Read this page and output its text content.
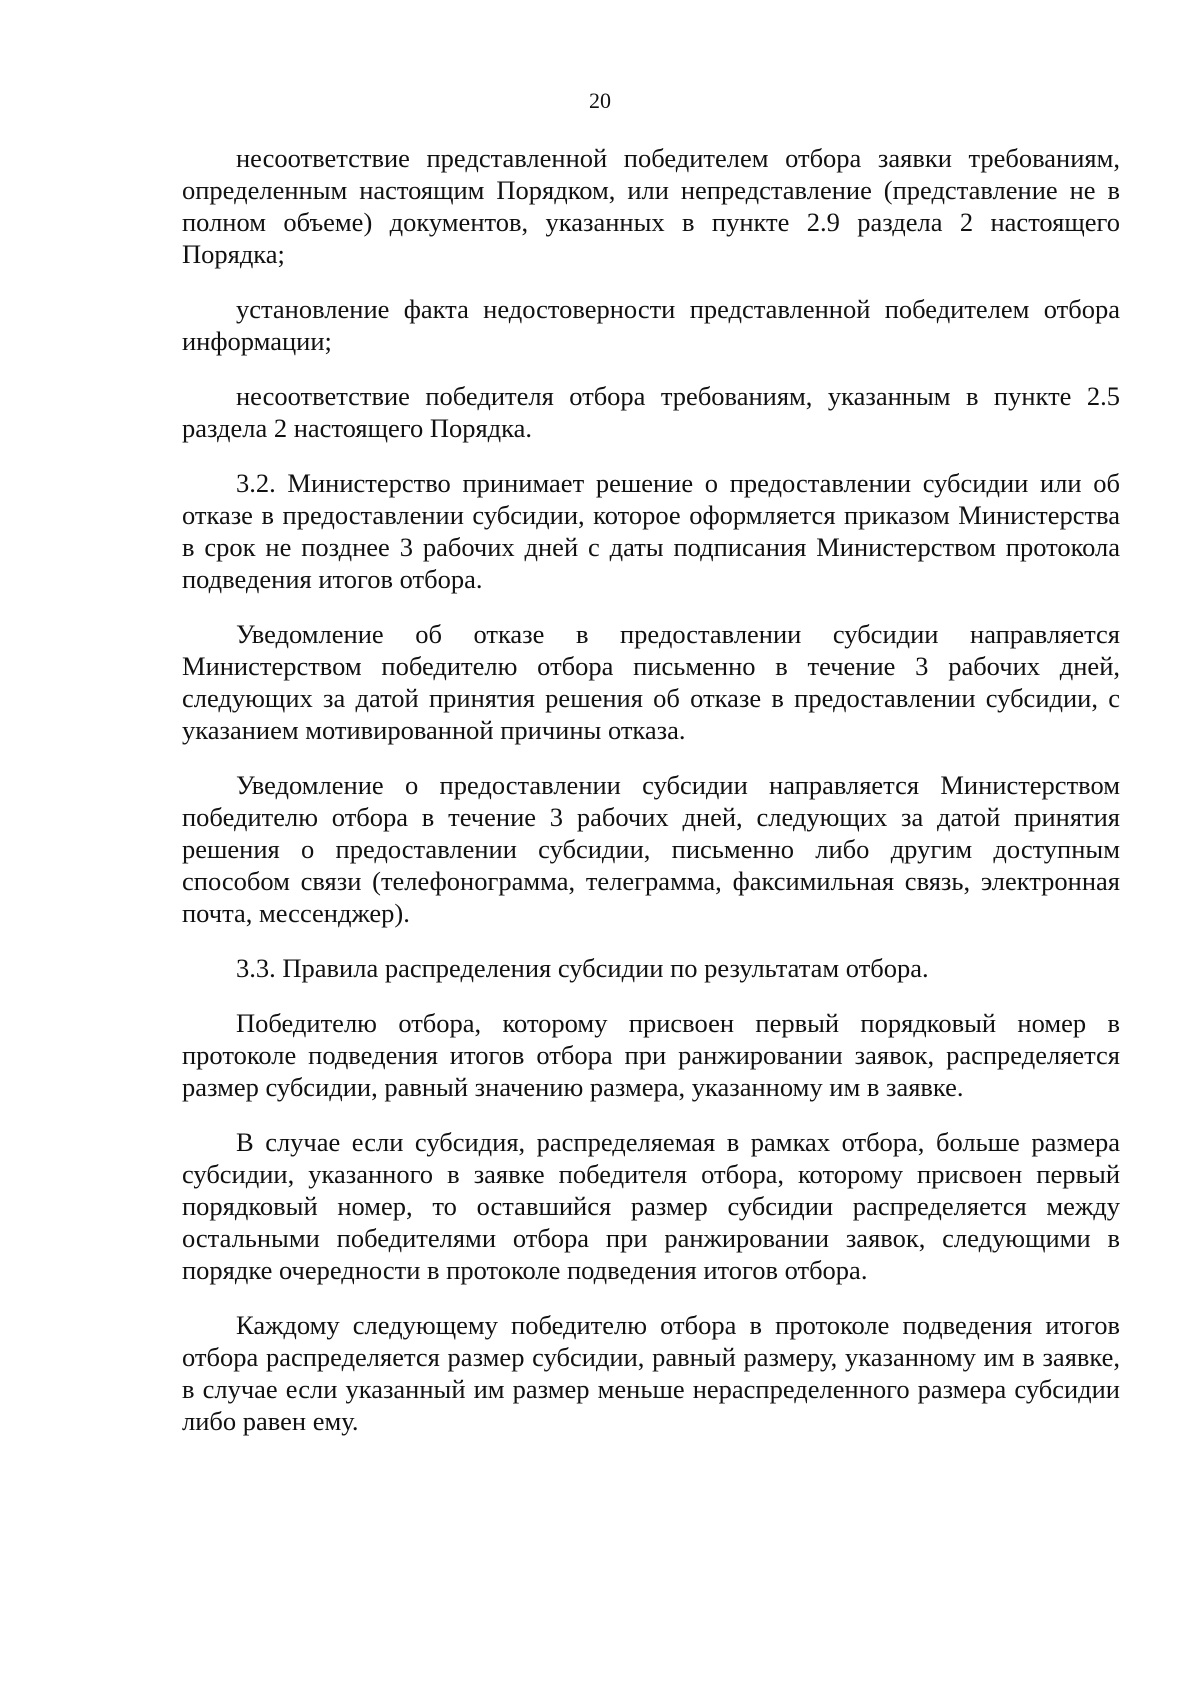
20

несоответствие представленной победителем отбора заявки требованиям, определенным настоящим Порядком, или непредставление (представление не в полном объеме) документов, указанных в пункте 2.9 раздела 2 настоящего Порядка;

установление факта недостоверности представленной победителем отбора информации;

несоответствие победителя отбора требованиям, указанным в пункте 2.5 раздела 2 настоящего Порядка.

3.2. Министерство принимает решение о предоставлении субсидии или об отказе в предоставлении субсидии, которое оформляется приказом Министерства в срок не позднее 3 рабочих дней с даты подписания Министерством протокола подведения итогов отбора.

Уведомление об отказе в предоставлении субсидии направляется Министерством победителю отбора письменно в течение 3 рабочих дней, следующих за датой принятия решения об отказе в предоставлении субсидии, с указанием мотивированной причины отказа.

Уведомление о предоставлении субсидии направляется Министерством победителю отбора в течение 3 рабочих дней, следующих за датой принятия решения о предоставлении субсидии, письменно либо другим доступным способом связи (телефонограмма, телеграмма, факсимильная связь, электронная почта, мессенджер).

3.3. Правила распределения субсидии по результатам отбора.

Победителю отбора, которому присвоен первый порядковый номер в протоколе подведения итогов отбора при ранжировании заявок, распределяется размер субсидии, равный значению размера, указанному им в заявке.

В случае если субсидия, распределяемая в рамках отбора, больше размера субсидии, указанного в заявке победителя отбора, которому присвоен первый порядковый номер, то оставшийся размер субсидии распределяется между остальными победителями отбора при ранжировании заявок, следующими в порядке очередности в протоколе подведения итогов отбора.

Каждому следующему победителю отбора в протоколе подведения итогов отбора распределяется размер субсидии, равный размеру, указанному им в заявке, в случае если указанный им размер меньше нераспределенного размера субсидии либо равен ему.
